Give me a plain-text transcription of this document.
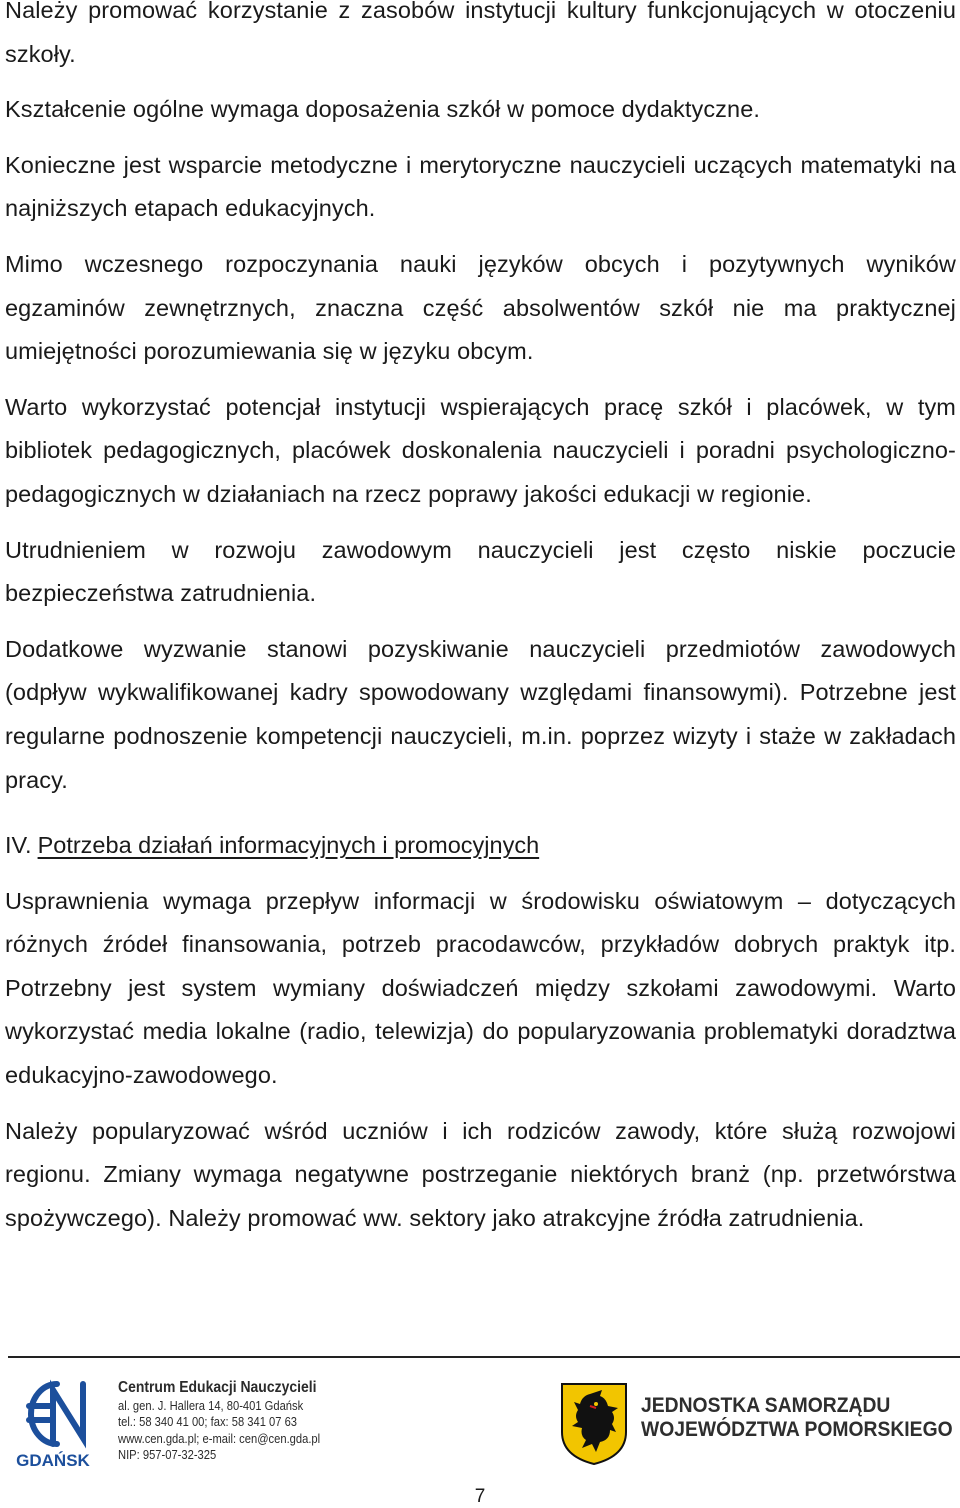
Należy promować korzystanie z zasobów instytucji kultury funkcjonujących w otoczeniu szkoły.

Kształcenie ogólne wymaga doposażenia szkół w pomoce dydaktyczne.

Konieczne jest wsparcie metodyczne i merytoryczne nauczycieli uczących matematyki na najniższych etapach edukacyjnych.

Mimo wczesnego rozpoczynania nauki języków obcych i pozytywnych wyników egzaminów zewnętrznych, znaczna część absolwentów szkół nie ma praktycznej umiejętności porozumiewania się w języku obcym.

Warto wykorzystać potencjał instytucji wspierających pracę szkół i placówek, w tym bibliotek pedagogicznych, placówek doskonalenia nauczycieli i poradni psychologiczno-pedagogicznych w działaniach na rzecz poprawy jakości edukacji w regionie.

Utrudnieniem w rozwoju zawodowym nauczycieli jest często niskie poczucie bezpieczeństwa zatrudnienia.

Dodatkowe wyzwanie stanowi pozyskiwanie nauczycieli przedmiotów zawodowych (odpływ wykwalifikowanej kadry spowodowany względami finansowymi). Potrzebne jest regularne podnoszenie kompetencji nauczycieli, m.in. poprzez wizyty i staże w zakładach pracy.

IV. Potrzeba działań informacyjnych i promocyjnych

Usprawnienia wymaga przepływ informacji w środowisku oświatowym – dotyczących różnych źródeł finansowania, potrzeb pracodawców, przykładów dobrych praktyk itp. Potrzebny jest system wymiany doświadczeń między szkołami zawodowymi. Warto wykorzystać media lokalne (radio, telewizja) do popularyzowania problematyki doradztwa edukacyjno-zawodowego.

Należy popularyzować wśród uczniów i ich rodziców zawody, które służą rozwojowi regionu. Zmiany wymaga negatywne postrzeganie niektórych branż (np. przetwórstwa spożywczego). Należy promować ww. sektory jako atrakcyjne źródła zatrudnienia.

GDAŃSK
Centrum Edukacji Nauczycieli
al. gen. J. Hallera 14, 80-401 Gdańsk
tel.: 58 340 41 00; fax: 58 341 07 63
www.cen.gda.pl; e-mail: cen@cen.gda.pl
NIP: 957-07-32-325
JEDNOSTKA SAMORZĄDU
WOJEWÓDZTWA POMORSKIEGO
7
